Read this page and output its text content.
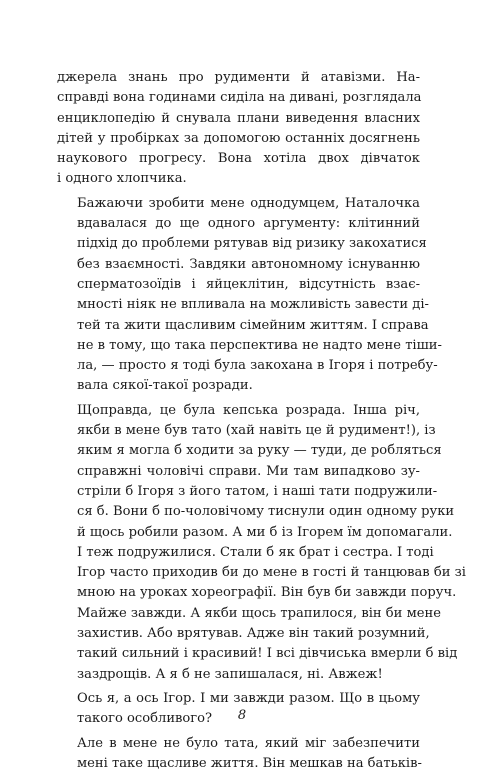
джерела знань про рудименти й атавізми. На-
справді вона годинами сиділа на дивані, розглядала
енциклопедію й снувала плани виведення власних
дітей у пробірках за допомогою останніх досягнень
наукового прогресу. Вона хотіла двох дівчаток
і одного хлопчика.
Бажаючи зробити мене однодумцем, Наталочка
вдавалася до ще одного аргументу: клітинний
підхід до проблеми рятував від ризику закохатися
без взаємності. Завдяки автономному існуванню
сперматозоїдів і яйцеклітин, відсутність взає-
мності ніяк не впливала на можливість завести ді-
тей та жити щасливим сімейним життям. І справа
не в тому, що така перспектива не надто мене тіши-
ла, — просто я тоді була закохана в Ігоря і потребу-
вала сякої-такої розради.
Щоправда, це була кепська розрада. Інша річ,
якби в мене був тато (хай навіть це й рудимент!), із
яким я могла б ходити за руку — туди, де робляться
справжні чоловічі справи. Ми там випадково зу-
стріли б Ігоря з його татом, і наші тати подружили-
ся б. Вони б по-чоловічому тиснули один одному руки
й щось робили разом. А ми б із Ігорем їм допомагали.
І теж подружилися. Стали б як брат і сестра. І тоді
Ігор часто приходив би до мене в гості й танцював би зі
мною на уроках хореографії. Він був би завжди поруч.
Майже завжди. А якби щось трапилося, він би мене
захистив. Або врятував. Адже він такий розумний,
такий сильний і красивий! І всі дівчиська вмерли б від
заздрощів. А я б не запишалася, ні. Авжеж!
Ось я, а ось Ігор. І ми завжди разом. Що в цьому
такого особливого?
Але в мене не було тата, який міг забезпечити
мені таке щасливе життя. Він мешкав на батьків-
8
